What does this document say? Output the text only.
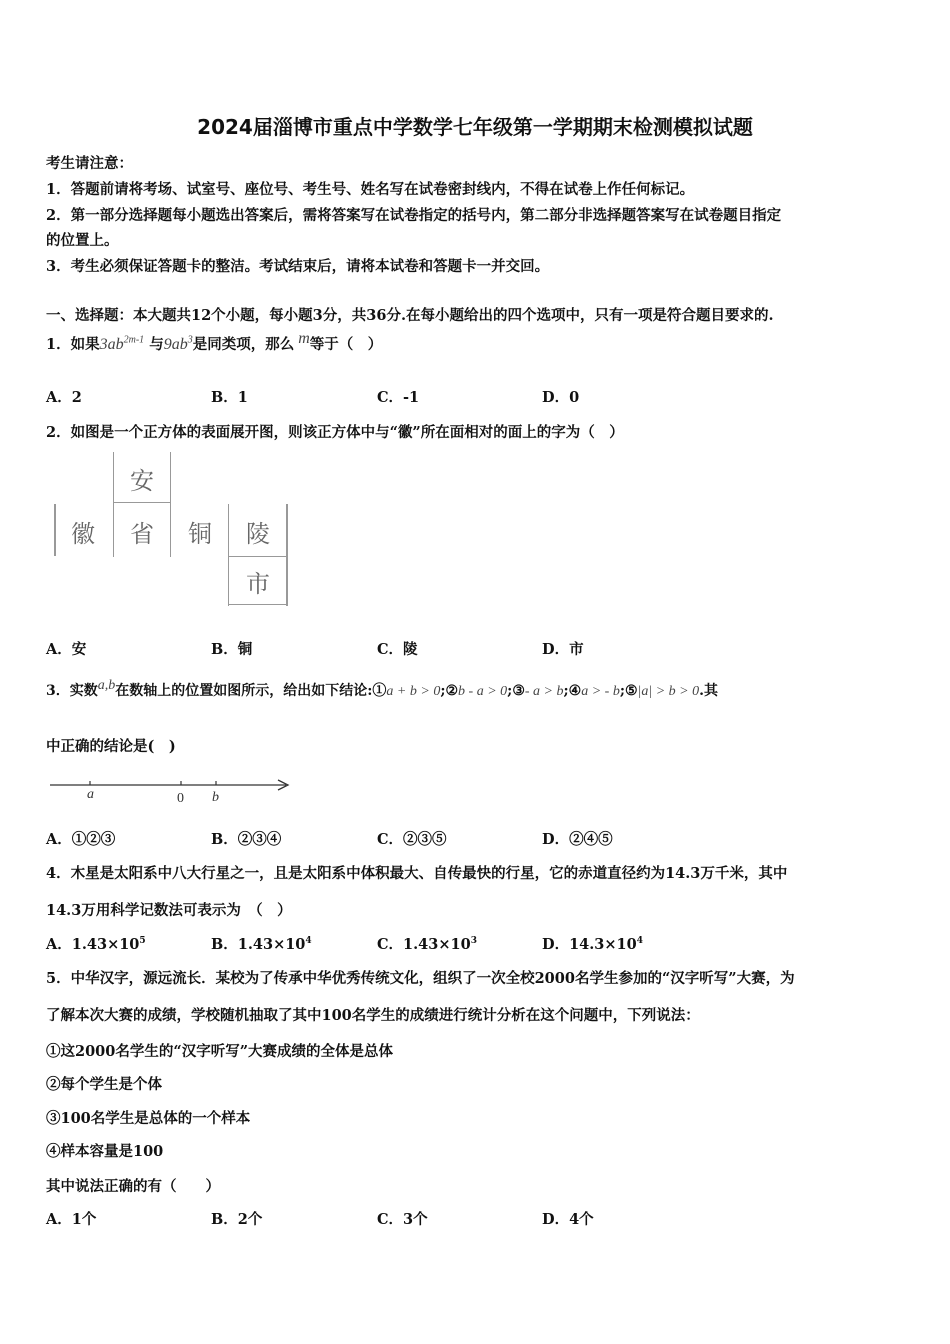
2024届淄博市重点中学数学七年级第一学期期末检测模拟试题
考生请注意：
1．答题前请将考场、试室号、座位号、考生号、姓名写在试卷密封线内，不得在试卷上作任何标记。
2．第一部分选择题每小题选出答案后，需将答案写在试卷指定的括号内，第二部分非选择题答案写在试卷题目指定
的位置上。
3．考生必须保证答题卡的整洁。考试结束后，请将本试卷和答题卡一并交回。
一、选择题：本大题共12个小题，每小题3分，共36分.在每小题给出的四个选项中，只有一项是符合题目要求的.
1．如果$3ab^{2m-1}$ 与$9ab^3$是同类项，那么 m等于（　）
A．2	B．1	C．-1	D．0
2．如图是一个正方体的表面展开图，则该正方体中与“徽”所在面相对的面上的字为（　）
安
徽	省	铜	陵
市
A．安	B．铜	C．陵	D．市
3．实数a,b在数轴上的位置如图所示，给出如下结论:①a + b > 0;②b - a > 0;③- a > b;④a > - b;⑤|a| > b > 0.其
中正确的结论是(　)
a	0 b
A．①②③	B．②③④	C．②③⑤	D．②④⑤
4．木星是太阳系中八大行星之一，且是太阳系中体积最大、自传最快的行星，它的赤道直径约为14.3万千米，其中
14.3万用科学记数法可表示为　（　）
A．$1.43\times 10^5$	B．$1.43\times 10^4$	C．$1.43\times 10^3$	D．$14.3\times 10^4$
5．中华汉字，源远流长．某校为了传承中华优秀传统文化，组织了一次全校2000名学生参加的“汉字听写”大赛，为
了解本次大赛的成绩，学校随机抽取了其中100名学生的成绩进行统计分析在这个问题中，下列说法：
①这2000名学生的“汉字听写”大赛成绩的全体是总体
②每个学生是个体
③100名学生是总体的一个样本
④样本容量是100
其中说法正确的有（　　）
A．1个	B．2个	C．3个	D．4个
